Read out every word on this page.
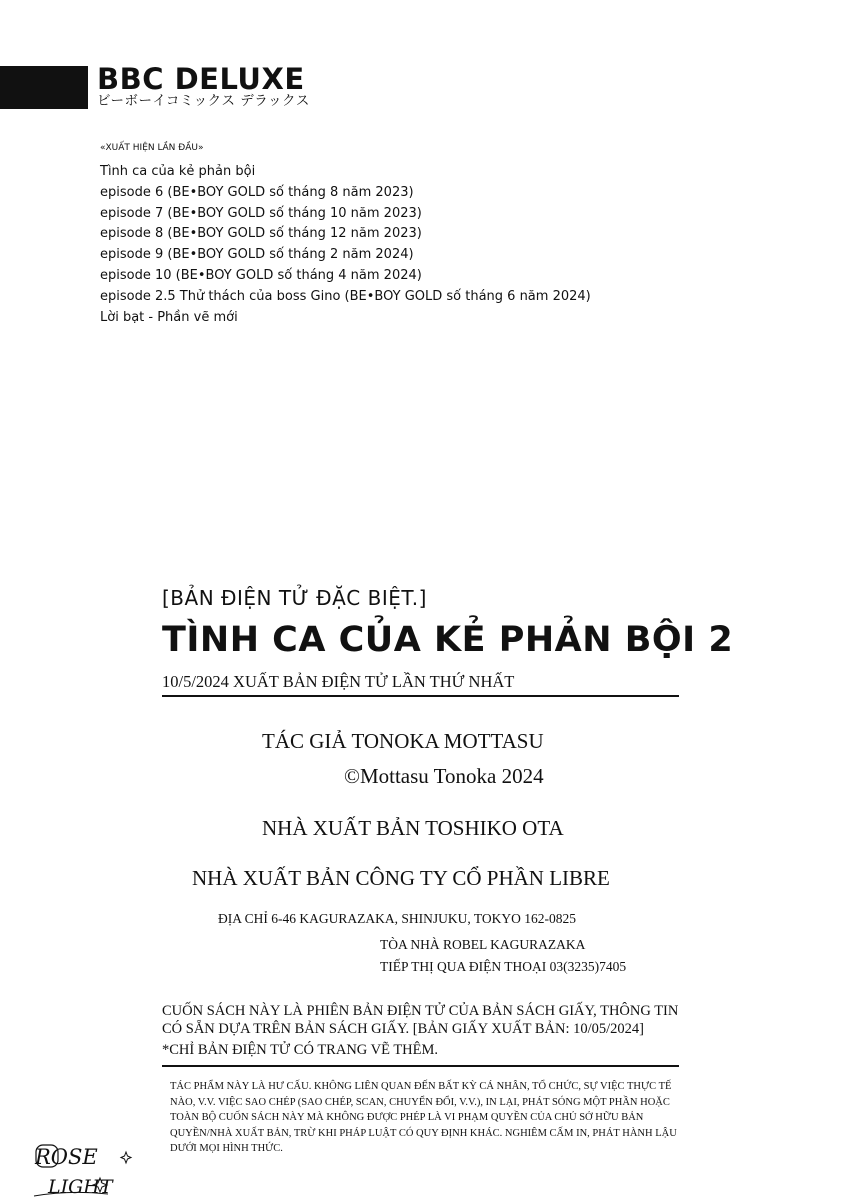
BBC DELUXE
ビーボーイコミックス デラックス
«XUẤT HIỆN LẦN ĐẦU»
Tình ca của kẻ phản bội
episode 6 (BE•BOY GOLD số tháng 8 năm 2023)
episode 7 (BE•BOY GOLD số tháng 10 năm 2023)
episode 8 (BE•BOY GOLD số tháng 12 năm 2023)
episode 9 (BE•BOY GOLD số tháng 2 năm 2024)
episode 10 (BE•BOY GOLD số tháng 4 năm 2024)
episode 2.5 Thử thách của boss Gino (BE•BOY GOLD số tháng 6 năm 2024)
Lời bạt - Phần vẽ mới
[BẢN ĐIỆN TỬ ĐẶC BIỆT.]
TÌNH CA CỦA KẺ PHẢN BỘI 2
10/5/2024 XUẤT BẢN ĐIỆN TỬ LẦN THỨ NHẤT
TÁC GIẢ TONOKA MOTTASU
©Mottasu Tonoka 2024
NHÀ XUẤT BẢN TOSHIKO OTA
NHÀ XUẤT BẢN CÔNG TY CỔ PHẦN LIBRE
ĐỊA CHỈ 6-46 KAGURAZAKA, SHINJUKU, TOKYO 162-0825
TÒA NHÀ ROBEL KAGURAZAKA
TIẾP THỊ QUA ĐIỆN THOẠI 03(3235)7405
CUỐN SÁCH NÀY LÀ PHIÊN BẢN ĐIỆN TỬ CỦA BẢN SÁCH GIẤY, THÔNG TIN CÓ SẴN DỰA TRÊN BẢN SÁCH GIẤY. [BẢN GIẤY XUẤT BẢN: 10/05/2024]
*CHỈ BẢN ĐIỆN TỬ CÓ TRANG VẼ THÊM.
TÁC PHẨM NÀY LÀ HƯ CẤU. KHÔNG LIÊN QUAN ĐẾN BẤT KỲ CÁ NHÂN, TỔ CHỨC, SỰ VIỆC THỰC TẾ NÀO, V.V. VIỆC SAO CHÉP (SAO CHÉP, SCAN, CHUYỂN ĐỔI, V.V.), IN LẠI, PHÁT SÓNG MỘT PHẦN HOẶC TOÀN BỘ CUỐN SÁCH NÀY MÀ KHÔNG ĐƯỢC PHÉP LÀ VI PHẠM QUYỀN CỦA CHỦ SỞ HỮU BẢN QUYỀN/NHÀ XUẤT BẢN, TRỪ KHI PHÁP LUẬT CÓ QUY ĐỊNH KHÁC. NGHIÊM CẤM IN, PHÁT HÀNH LẬU DƯỚI MỌI HÌNH THỨC.
ROSE
LIGHT
